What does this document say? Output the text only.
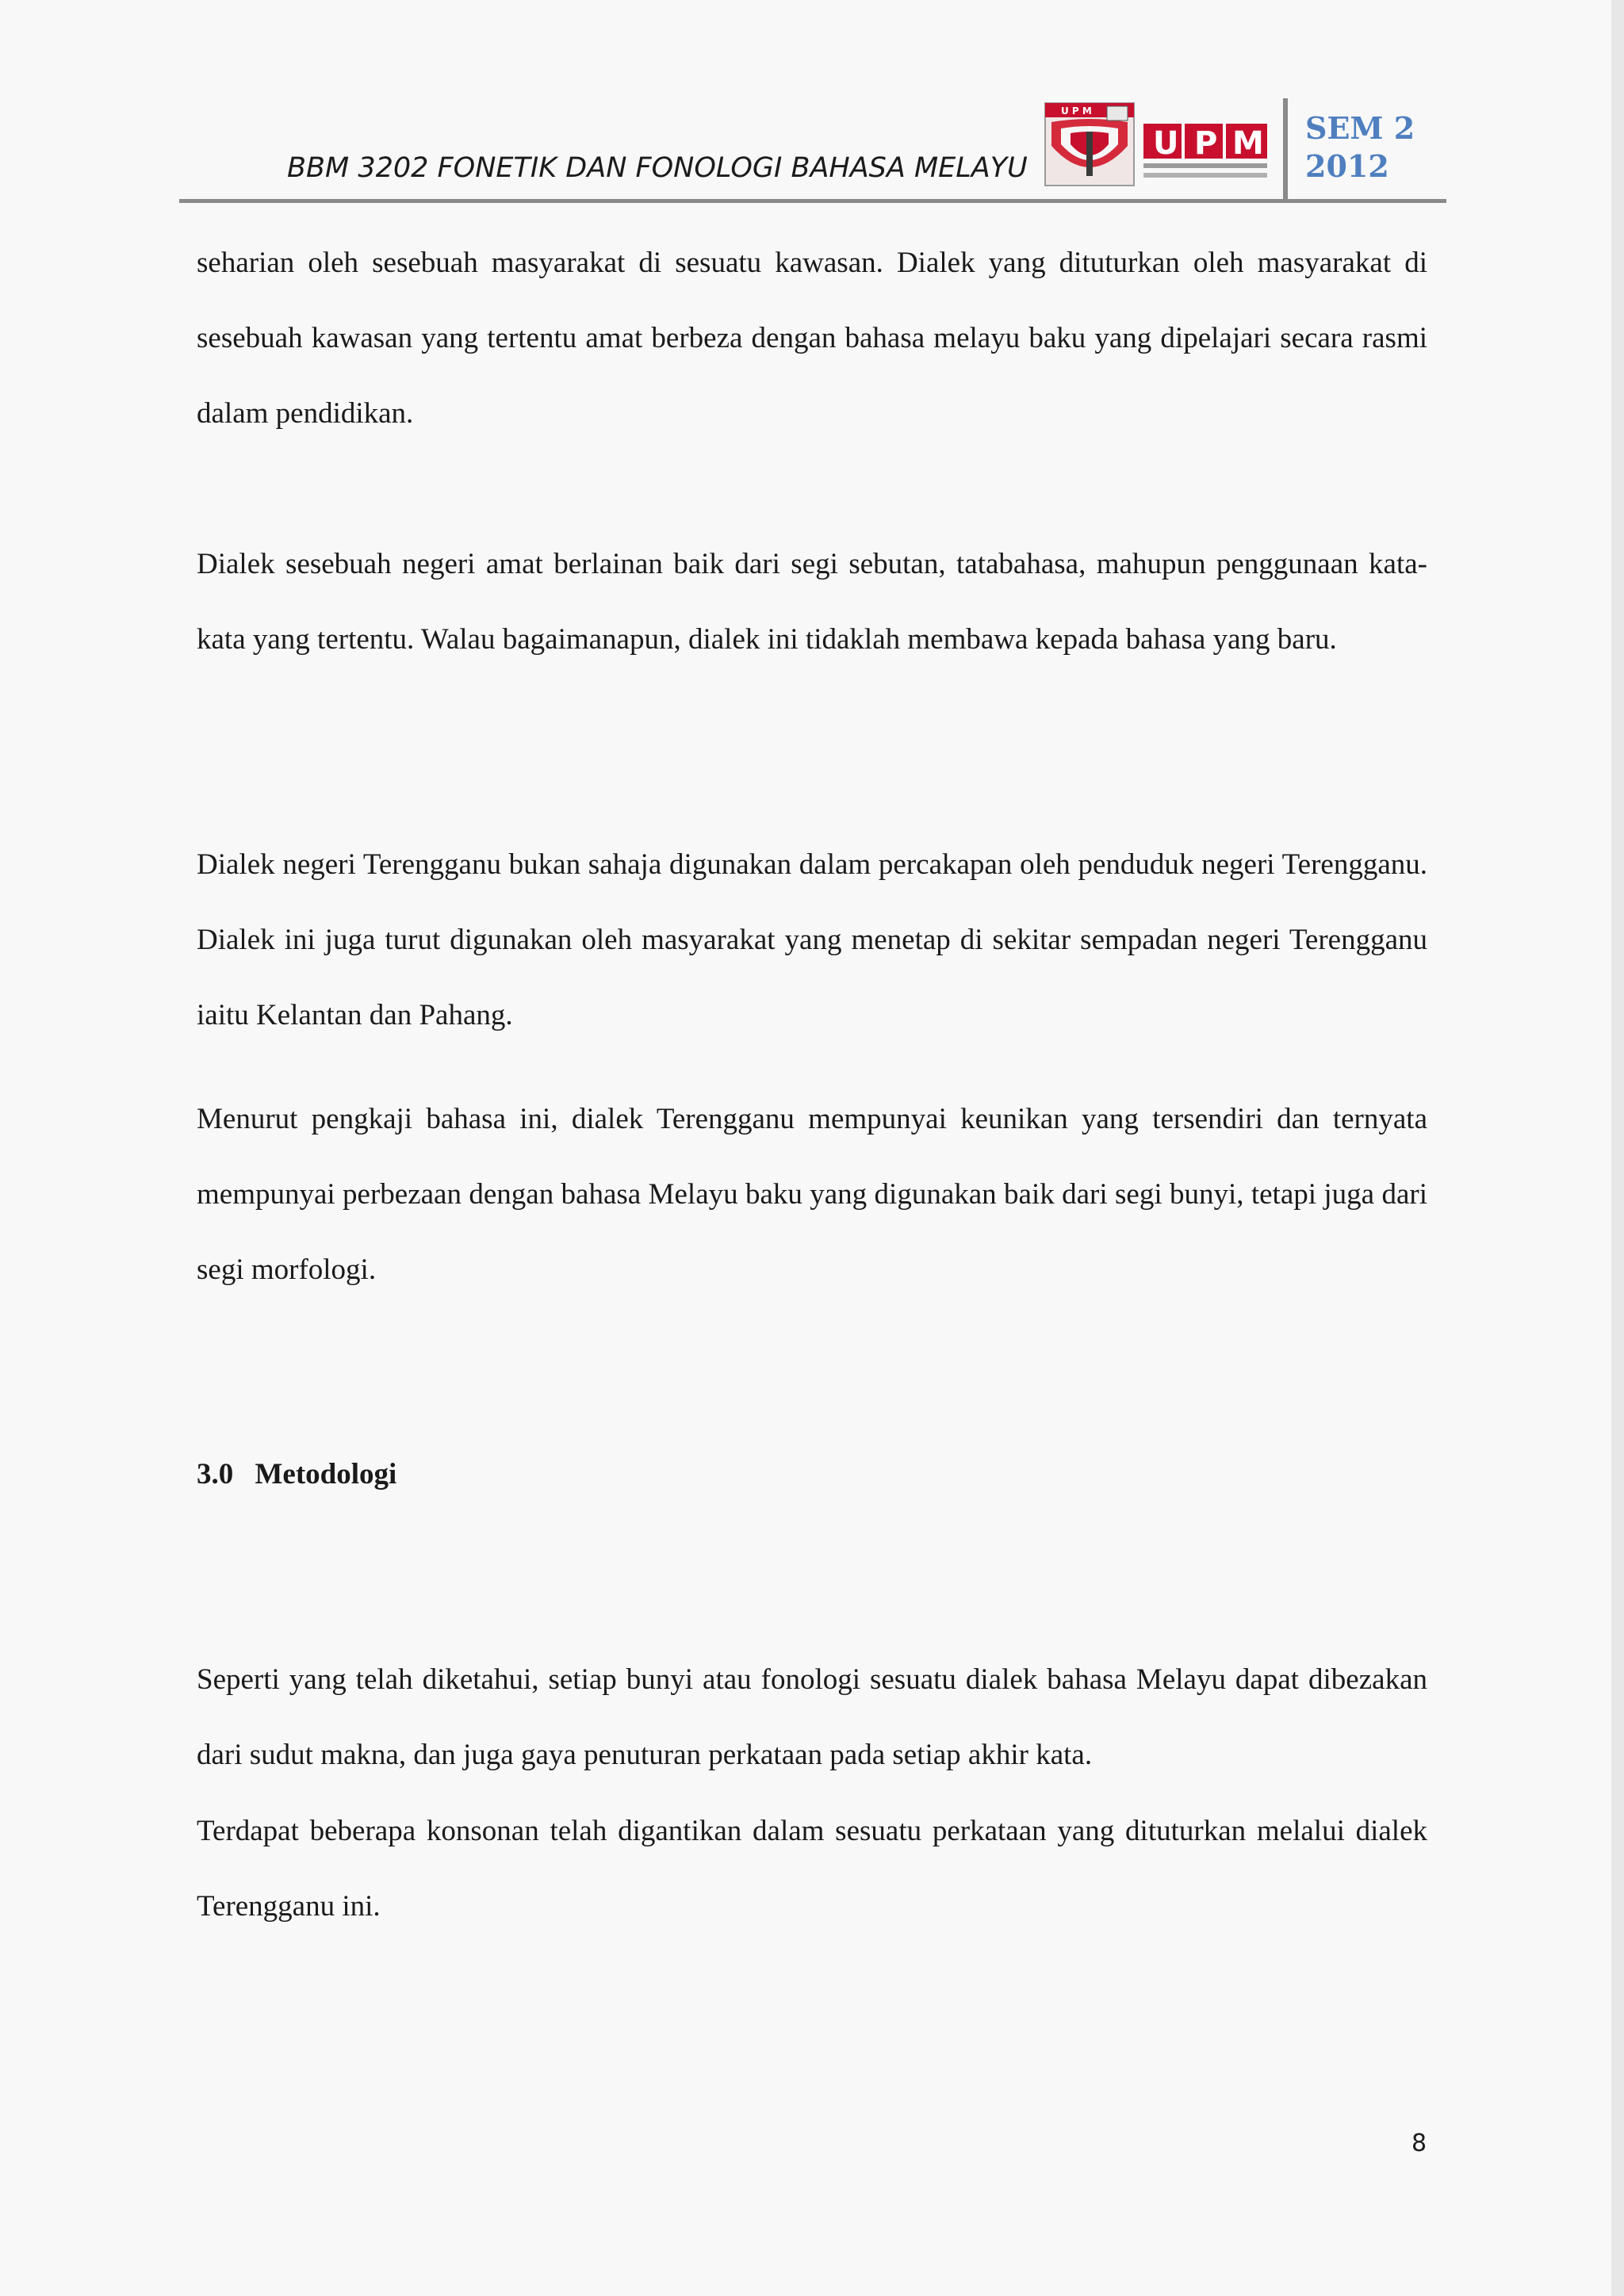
BBM 3202 FONETIK DAN FONOLOGI BAHASA MELAYU
U P M
U P M SEM 2
2012

seharian oleh sesebuah masyarakat di sesuatu kawasan. Dialek yang dituturkan oleh masyarakat di sesebuah kawasan yang tertentu amat berbeza dengan bahasa melayu baku yang dipelajari secara rasmi dalam pendidikan.

Dialek sesebuah negeri amat berlainan baik dari segi sebutan, tatabahasa, mahupun penggunaan kata-kata yang tertentu. Walau bagaimanapun, dialek ini tidaklah membawa kepada bahasa yang baru.

Dialek negeri Terengganu bukan sahaja digunakan dalam percakapan oleh penduduk negeri Terengganu. Dialek ini juga turut digunakan oleh masyarakat yang menetap di sekitar sempadan negeri Terengganu iaitu Kelantan dan Pahang.

Menurut pengkaji bahasa ini, dialek Terengganu mempunyai keunikan yang tersendiri dan ternyata mempunyai perbezaan dengan bahasa Melayu baku yang digunakan baik dari segi bunyi, tetapi juga dari segi morfologi.

3.0 Metodologi

Seperti yang telah diketahui, setiap bunyi atau fonologi sesuatu dialek bahasa Melayu dapat dibezakan dari sudut makna, dan juga gaya penuturan perkataan pada setiap akhir kata.

Terdapat beberapa konsonan telah digantikan dalam sesuatu perkataan yang dituturkan melalui dialek Terengganu ini.

8
